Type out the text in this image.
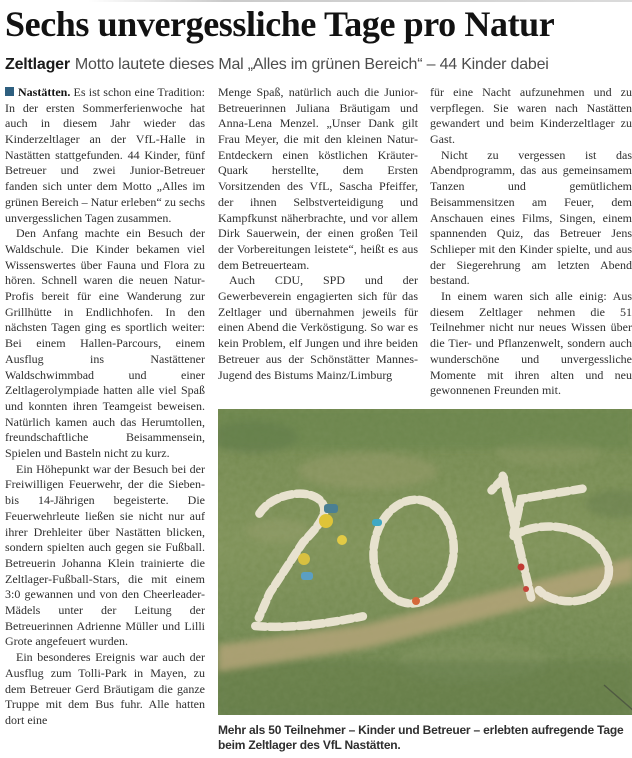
Sechs unvergessliche Tage pro Natur
Zeltlager Motto lautete dieses Mal „Alles im grünen Bereich“ – 44 Kinder dabei

Nastätten. Es ist schon eine Tradition: In der ersten Sommerferienwoche hat auch in diesem Jahr wieder das Kinderzeltlager an der VfL-Halle in Nastätten stattgefunden. 44 Kinder, fünf Betreuer und zwei Junior-Betreuer fanden sich unter dem Motto „Alles im grünen Bereich – Natur erleben“ zu sechs unvergesslichen Tagen zusammen.

Den Anfang machte ein Besuch der Waldschule. Die Kinder bekamen viel Wissenswertes über Fauna und Flora zu hören. Schnell waren die neuen Natur-Profis bereit für eine Wanderung zur Grillhütte in Endlichhofen. In den nächsten Tagen ging es sportlich weiter: Bei einem Hallen-Parcours, einem Ausflug ins Nastättener Waldschwimmbad und einer Zeltlagerolympiade hatten alle viel Spaß und konnten ihren Teamgeist beweisen. Natürlich kamen auch das Herumtollen, freundschaftliche Beisammensein, Spielen und Basteln nicht zu kurz.

Ein Höhepunkt war der Besuch bei der Freiwilligen Feuerwehr, der die Sieben- bis 14-Jährigen begeisterte. Die Feuerwehrleute ließen sie nicht nur auf ihrer Drehleiter über Nastätten blicken, sondern spielten auch gegen sie Fußball. Betreuerin Johanna Klein trainierte die Zeltlager-Fußball-Stars, die mit einem 3:0 gewannen und von den Cheerleader-Mädels unter der Leitung der Betreuerinnen Adrienne Müller und Lilli Grote angefeuert wurden.

Ein besonderes Ereignis war auch der Ausflug zum Tolli-Park in Mayen, zu dem Betreuer Gerd Bräutigam die ganze Truppe mit dem Bus fuhr. Alle hatten dort eine

Menge Spaß, natürlich auch die Junior-Betreuerinnen Juliana Bräutigam und Anna-Lena Menzel. „Unser Dank gilt Frau Meyer, die mit den kleinen Natur-Entdeckern einen köstlichen Kräuter-Quark herstellte, dem Ersten Vorsitzenden des VfL, Sascha Pfeiffer, der ihnen Selbstverteidigung und Kampfkunst näherbrachte, und vor allem Dirk Sauerwein, der einen großen Teil der Vorbereitungen leistete“, heißt es aus dem Betreuerteam.

Auch CDU, SPD und der Gewerbeverein engagierten sich für das Zeltlager und übernahmen jeweils für einen Abend die Verköstigung. So war es kein Problem, elf Jungen und ihre beiden Betreuer aus der Schönstätter Mannes-Jugend des Bistums Mainz/Limburg

für eine Nacht aufzunehmen und zu verpflegen. Sie waren nach Nastätten gewandert und beim Kinderzeltlager zu Gast.

Nicht zu vergessen ist das Abendprogramm, das aus gemeinsamem Tanzen und gemütlichem Beisammensitzen am Feuer, dem Anschauen eines Films, Singen, einem spannenden Quiz, das Betreuer Jens Schlieper mit den Kinder spielte, und aus der Siegerehrung am letzten Abend bestand.

In einem waren sich alle einig: Aus diesem Zeltlager nehmen die 51 Teilnehmer nicht nur neues Wissen über die Tier- und Pflanzenwelt, sondern auch wunderschöne und unvergessliche Momente mit ihren alten und neu gewonnenen Freunden mit.

Mehr als 50 Teilnehmer – Kinder und Betreuer – erlebten aufregende Tage beim Zeltlager des VfL Nastätten.
